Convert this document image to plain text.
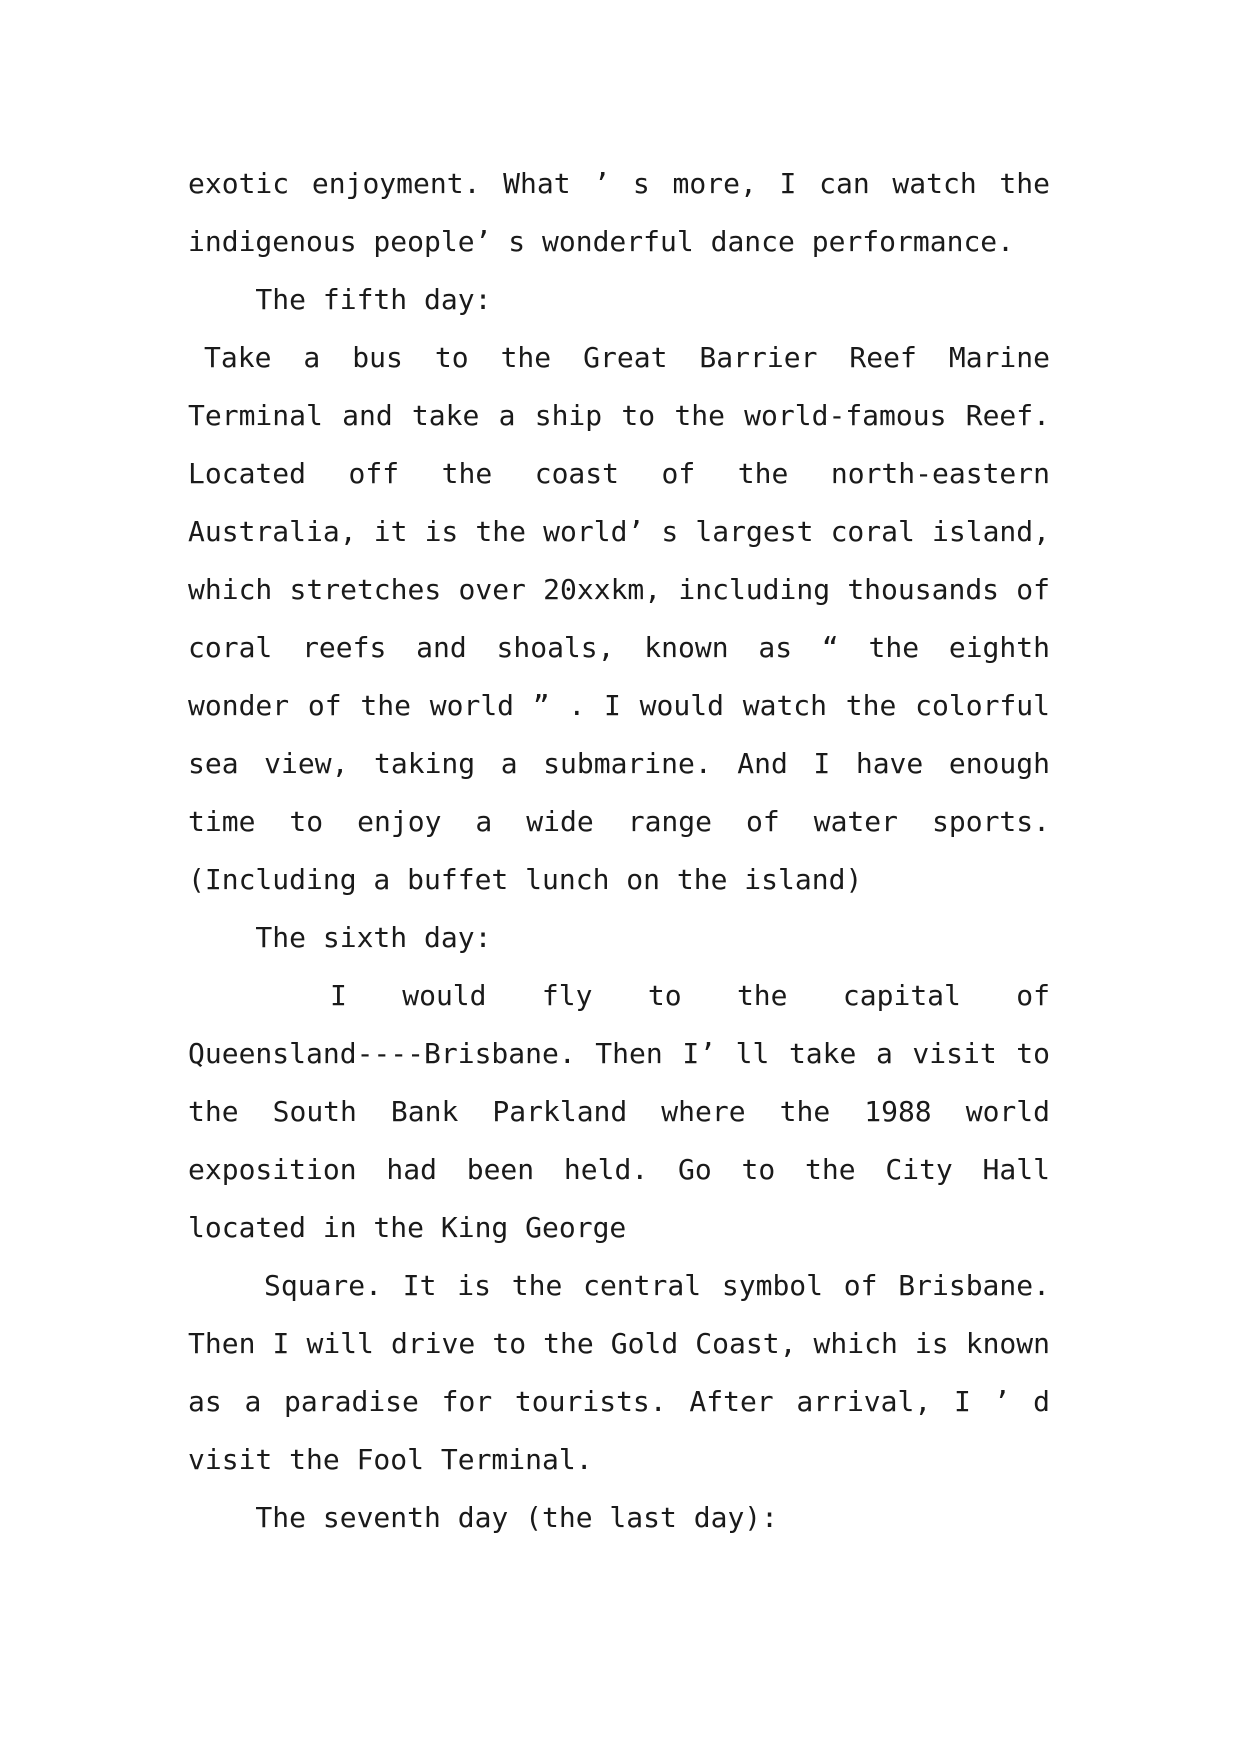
exotic enjoyment. What ’ s more, I can watch the

indigenous people’ s wonderful dance performance.

The fifth day:

Take a bus to the Great Barrier Reef Marine

Terminal and take a ship to the world-famous Reef.

Located off the coast of the north-eastern

Australia, it is the world’ s largest coral island,

which stretches over 20xxkm, including thousands of

coral reefs and shoals, known as “ the eighth

wonder of the world ” . I would watch the colorful

sea view, taking a submarine. And I have enough

time to enjoy a wide range of water sports.

(Including a buffet lunch on the island)

The sixth day:

I would fly to the capital of

Queensland----Brisbane. Then I’ ll take a visit to

the South Bank Parkland where the 1988 world

exposition had been held. Go to the City Hall

located in the King George

Square. It is the central symbol of Brisbane.

Then I will drive to the Gold Coast, which is known

as a paradise for tourists. After arrival, I ’ d

visit the Fool Terminal.

The seventh day (the last day):
